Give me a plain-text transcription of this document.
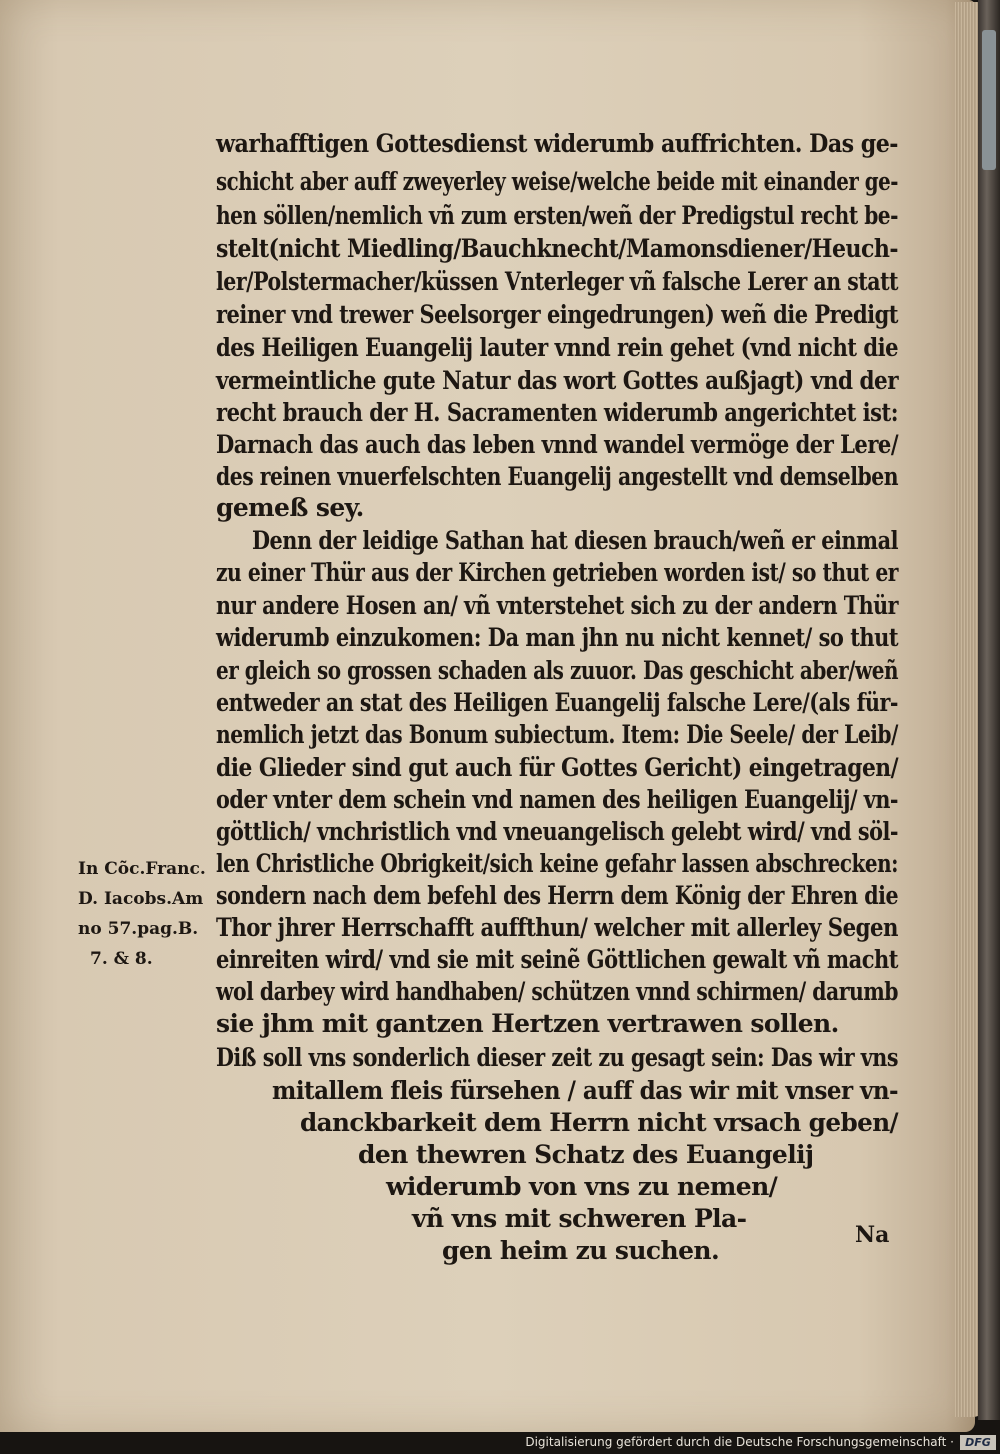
warhafftigen Gottesdienst widerumb auffrichten. Das ge-
schicht aber auff zweyerley weise/welche beide mit einander ge-
hen söllen/nemlich vñ zum ersten/weñ der Predigstul recht be-
stelt(nicht Miedling/Bauchknecht/Mamonsdiener/Heuch-
ler/Polstermacher/küssen Vnterleger vñ falsche Lerer an statt
reiner vnd trewer Seelsorger eingedrungen) weñ die Predigt
des Heiligen Euangelij lauter vnnd rein gehet (vnd nicht die
vermeintliche gute Natur das wort Gottes außjagt) vnd der
recht brauch der H. Sacramenten widerumb angerichtet ist:
Darnach das auch das leben vnnd wandel vermöge der Lere/
des reinen vnuerfelschten Euangelij angestellt vnd demselben
gemeß sey.
Denn der leidige Sathan hat diesen brauch/weñ er einmal
zu einer Thür aus der Kirchen getrieben worden ist/ so thut er
nur andere Hosen an/ vñ vnterstehet sich zu der andern Thür
widerumb einzukomen: Da man jhn nu nicht kennet/ so thut
er gleich so grossen schaden als zuuor. Das geschicht aber/weñ
entweder an stat des Heiligen Euangelij falsche Lere/(als für-
nemlich jetzt das Bonum subiectum. Item: Die Seele/ der Leib/
die Glieder sind gut auch für Gottes Gericht) eingetragen/
oder vnter dem schein vnd namen des heiligen Euangelij/ vn-
göttlich/ vnchristlich vnd vneuangelisch gelebt wird/ vnd söl-
len Christliche Obrigkeit/sich keine gefahr lassen abschrecken:
sondern nach dem befehl des Herrn dem König der Ehren die
Thor jhrer Herrschafft auffthun/ welcher mit allerley Segen
einreiten wird/ vnd sie mit seinẽ Göttlichen gewalt vñ macht
wol darbey wird handhaben/ schützen vnnd schirmen/ darumb
sie jhm mit gantzen Hertzen vertrawen sollen.
Diß soll vns sonderlich dieser zeit zu gesagt sein: Das wir vns
mitallem fleis fürsehen / auff das wir mit vnser vn-
danckbarkeit dem Herrn nicht vrsach geben/
den thewren Schatz des Euangelij
widerumb von vns zu nemen/
vñ vns mit schweren Pla-
gen heim zu suchen.
In Cõc.Franc.
D. Iacobs.Am
no 57.pag.B.
7. & 8.
Na
Digitalisierung gefördert durch die Deutsche Forschungsgemeinschaft ·	DFG
